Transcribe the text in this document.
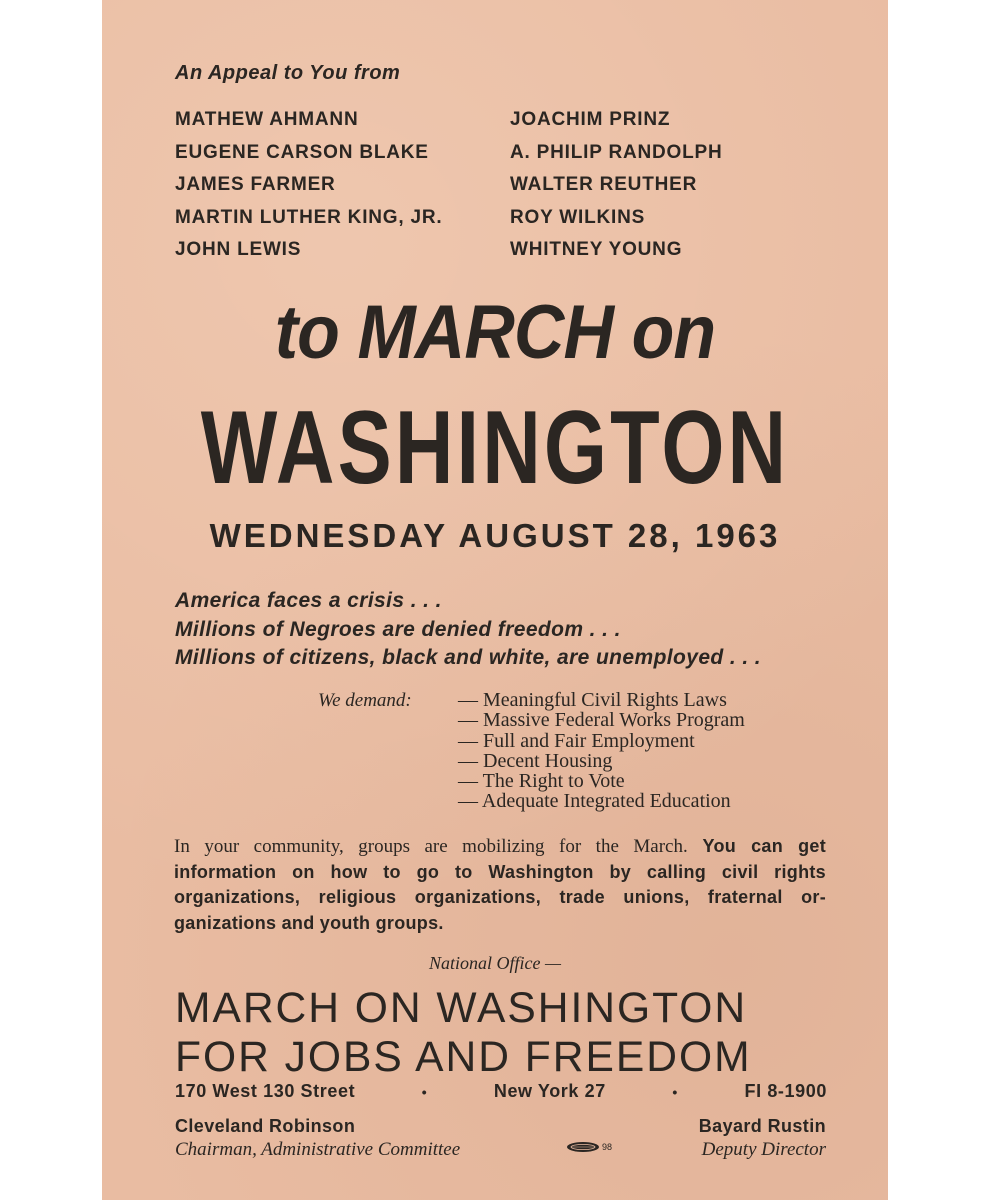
An Appeal to You from
MATHEW AHMANN	JOACHIM PRINZ
EUGENE CARSON BLAKE	A. PHILIP RANDOLPH
JAMES FARMER	WALTER REUTHER
MARTIN LUTHER KING, JR.	ROY WILKINS
JOHN LEWIS	WHITNEY YOUNG
to MARCH on
WASHINGTON
WEDNESDAY AUGUST 28, 1963
America faces a crisis . . .
Millions of Negroes are denied freedom . . .
Millions of citizens, black and white, are unemployed . . .
We demand: — Meaningful Civil Rights Laws
— Massive Federal Works Program
— Full and Fair Employment
— Decent Housing
— The Right to Vote
— Adequate Integrated Education
In your community, groups are mobilizing for the March. You can get information on how to go to Washington by calling civil rights organizations, religious organizations, trade unions, fraternal or-ganizations and youth groups.
National Office —
MARCH ON WASHINGTON
FOR JOBS AND FREEDOM
170 West 130 Street	•	New York 27	•	FI 8-1900
Cleveland Robinson
Chairman, Administrative Committee	98
Bayard Rustin
Deputy Director
